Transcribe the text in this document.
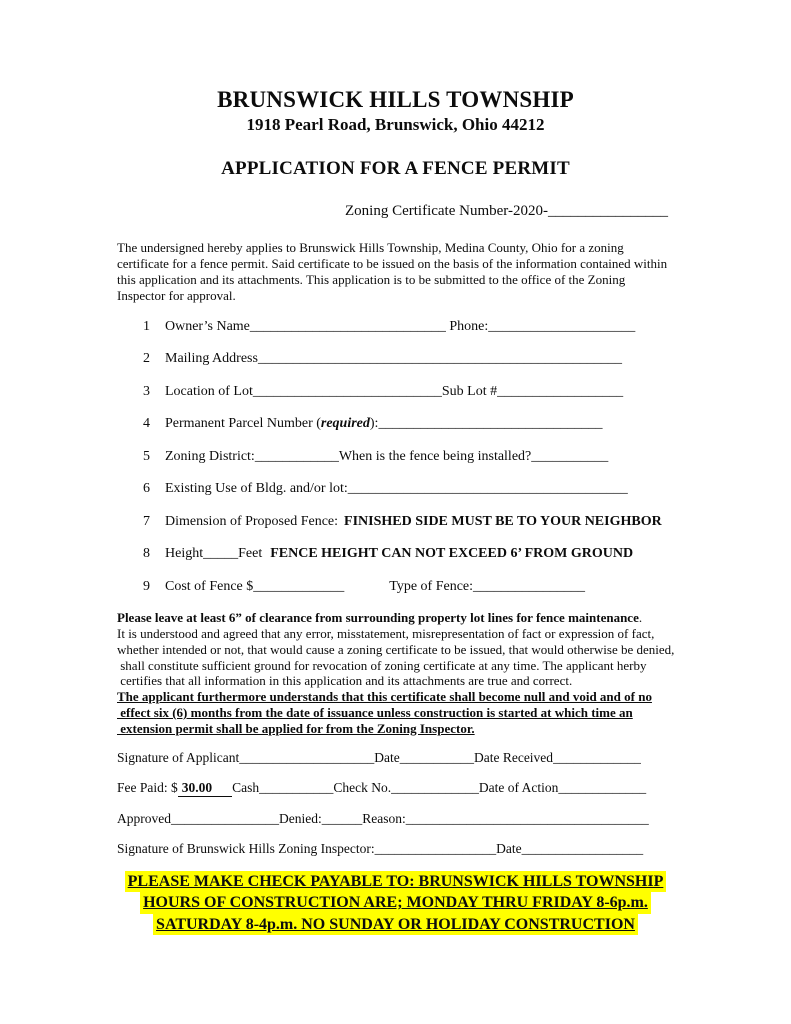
BRUNSWICK HILLS TOWNSHIP
1918 Pearl Road, Brunswick, Ohio 44212
APPLICATION FOR A FENCE PERMIT
Zoning Certificate Number-2020-________________
The undersigned hereby applies to Brunswick Hills Township, Medina County, Ohio for a zoning
certificate for a fence permit. Said certificate to be issued on the basis of the information contained within
this application and its attachments. This application is to be submitted to the office of the Zoning
Inspector for approval.
1	Owner’s Name____________________________ Phone:_____________________
2	Mailing Address____________________________________________________
3	Location of Lot___________________________Sub Lot #__________________
4	Permanent Parcel Number (required):________________________________
5	Zoning District:____________When is the fence being installed?___________
6	Existing Use of Bldg. and/or lot:________________________________________
7	Dimension of Proposed Fence: FINISHED SIDE MUST BE TO YOUR NEIGHBOR
8	Height_____Feet FENCE HEIGHT CAN NOT EXCEED 6’ FROM GROUND
9	Cost of Fence $_____________	Type of Fence:________________
Please leave at least 6” of clearance from surrounding property lot lines for fence maintenance.
It is understood and agreed that any error, misstatement, misrepresentation of fact or expression of fact,
whether intended or not, that would cause a zoning certificate to be issued, that would otherwise be denied,
shall constitute sufficient ground for revocation of zoning certificate at any time. The applicant herby
certifies that all information in this application and its attachments are true and correct.
The applicant furthermore understands that this certificate shall become null and void and of no
effect six (6) months from the date of issuance unless construction is started at which time an
extension permit shall be applied for from the Zoning Inspector.
Signature of Applicant____________________Date___________Date Received_____________
Fee Paid: $ 30.00 Cash___________Check No._____________Date of Action_____________
Approved________________Denied:______Reason:____________________________________
Signature of Brunswick Hills Zoning Inspector:__________________Date__________________
PLEASE MAKE CHECK PAYABLE TO: BRUNSWICK HILLS TOWNSHIP
HOURS OF CONSTRUCTION ARE; MONDAY THRU FRIDAY 8-6p.m.
SATURDAY 8-4p.m. NO SUNDAY OR HOLIDAY CONSTRUCTION
